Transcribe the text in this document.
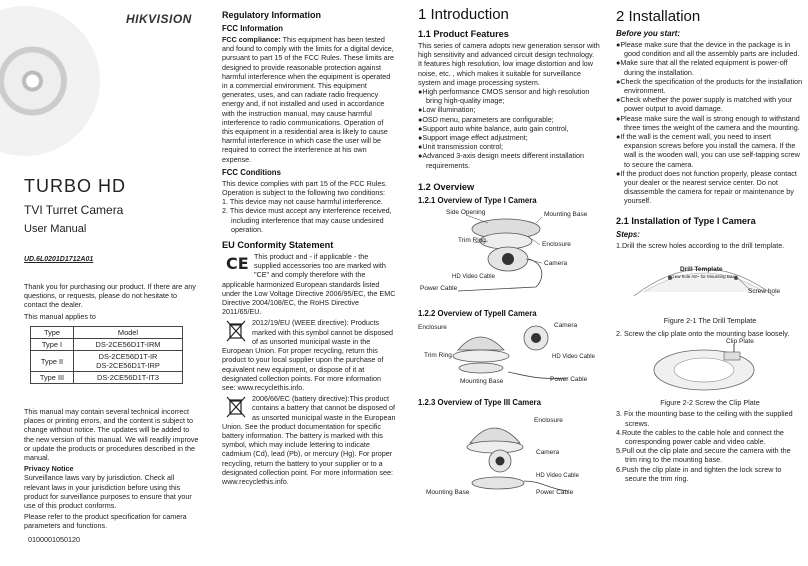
HIKVISION
TURBO HD
TVI Turret Camera
User Manual
UD.6L0201D1712A01

Thank you for purchasing our product. If there are any questions, or requests, please do not hesitate to contact the dealer.

This manual applies to

Type	Model
Type I	DS-2CE56D1T-IRM
Type II	DS-2CE56D1T-IR
DS-2CE56D1T-IRP

Type III	DS-2CE56D1T-IT3

This manual may contain several technical incorrect places or printing errors, and the content is subject to change without notice. The updates will be added to the new version of this manual. We will readily improve or update the products or procedures described in the manual.

Privacy Notice

Surveillance laws vary by jurisdiction. Check all relevant laws in your jurisdiction before using this product for surveillance purposes to ensure that your use of this product conforms.

Please refer to the product specification for camera parameters and functions.

0100001050120
Regulatory Information
FCC Information

FCC compliance: This equipment has been tested and found to comply with the limits for a digital device, pursuant to part 15 of the FCC Rules. These limits are designed to provide reasonable protection against harmful interference when the equipment is operated in a commercial environment. This equipment generates, uses, and can radiate radio frequency energy and, if not installed and used in accordance with the instruction manual, may cause harmful interference to radio communications. Operation of this equipment in a residential area is likely to cause harmful interference in which case the user will be required to correct the interference at his own expense.

FCC Conditions

This device complies with part 15 of the FCC Rules. Operation is subject to the following two conditions:

1. This device may not cause harmful interference.

2. This device must accept any interference received, including interference that may cause undesired operation.

EU Conformity Statement
CE This product and - if applicable - the supplied accessories too are marked with "CE" and comply therefore with the applicable harmonized European standards listed under the Low Voltage Directive 2006/95/EC, the EMC Directive 2004/108/EC, the RoHS Directive 2011/65/EU.

2012/19/EU (WEEE directive): Products marked with this symbol cannot be disposed of as unsorted municipal waste in the European Union. For proper recycling, return this product to your local supplier upon the purchase of equivalent new equipment, or dispose of it at designated collection points. For more information see: www.recyclethis.info.

2006/66/EC (battery directive):This product contains a battery that cannot be disposed of as unsorted municipal waste in the European Union. See the product documentation for specific battery information. The battery is marked with this symbol, which may include lettering to indicate cadmium (Cd), lead (Pb), or mercury (Hg). For proper recycling, return the battery to your supplier or to a designated collection point. For more information see: www.recyclethis.info.

1 Introduction
1.1 Product Features

This series of camera adopts new generation sensor with high sensitivity and advanced circuit design technology. It features high resolution, low image distortion and low noise, etc. , which makes it suitable for surveillance system and image processing system.

●High performance CMOS sensor and high resolution bring high-quality image;

●Low illumination;

●OSD menu, parameters are configurable;

●Support auto white balance, auto gain control,

●Support image effect adjustment;

●Unit transmission control;

●Advanced 3-axis design meets different installation requirements.

1.2 Overview
1.2.1 Overview of Type I Camera
Side Opening	Mounting Base
Trim Ring
Enclosure
Camera
HD Video Cable
Power Cable
1.2.2 Overview of TypeII Camera
Enclosure	Camera
Trim Ring	HD Video Cable
Mounting Base	Power Cable
1.2.3 Overview of Type III Camera
Enclosure
Camera
HD Video Cable
Mounting Base	Power Cable
2 Installation
Before you start:

●Please make sure that the device in the package is in good condition and all the assembly parts are included.

●Make sure that all the related equipment is power-off during the installation.

●Check the specification of the products for the installation environment.

●Check whether the power supply is matched with your power output to avoid damage.

●Please make sure the wall is strong enough to withstand three times the weight of the camera and the mounting.

●If the wall is the cement wall, you need to insert expansion screws before you install the camera. If the wall is the wooden wall, you can use self-tapping screw to secure the camera.

●If the product does not function properly, please contact your dealer or the nearest service center. Do not disassemble the camera for repair or maintenance by yourself.

2.1 Installation of Type I Camera
Steps:

1.Drill the screw holes according to the drill template.

Drill Template
Screw hole A8~ for Mounting Base
Screw hole

Figure 2-1 The Drill Template

2. Screw the clip plate onto the mounting base loosely.

Clip Plate

Figure 2-2 Screw the Clip Plate

3. Fix the mounting base to the ceiling with the supplied screws.

4.Route the cables to the cable hole and connect the corresponding power cable and video cable.

5.Pull out the clip plate and secure the camera with the trim ring to the mounting base.

6.Push the clip plate in and tighten the lock screw to secure the trim ring.
